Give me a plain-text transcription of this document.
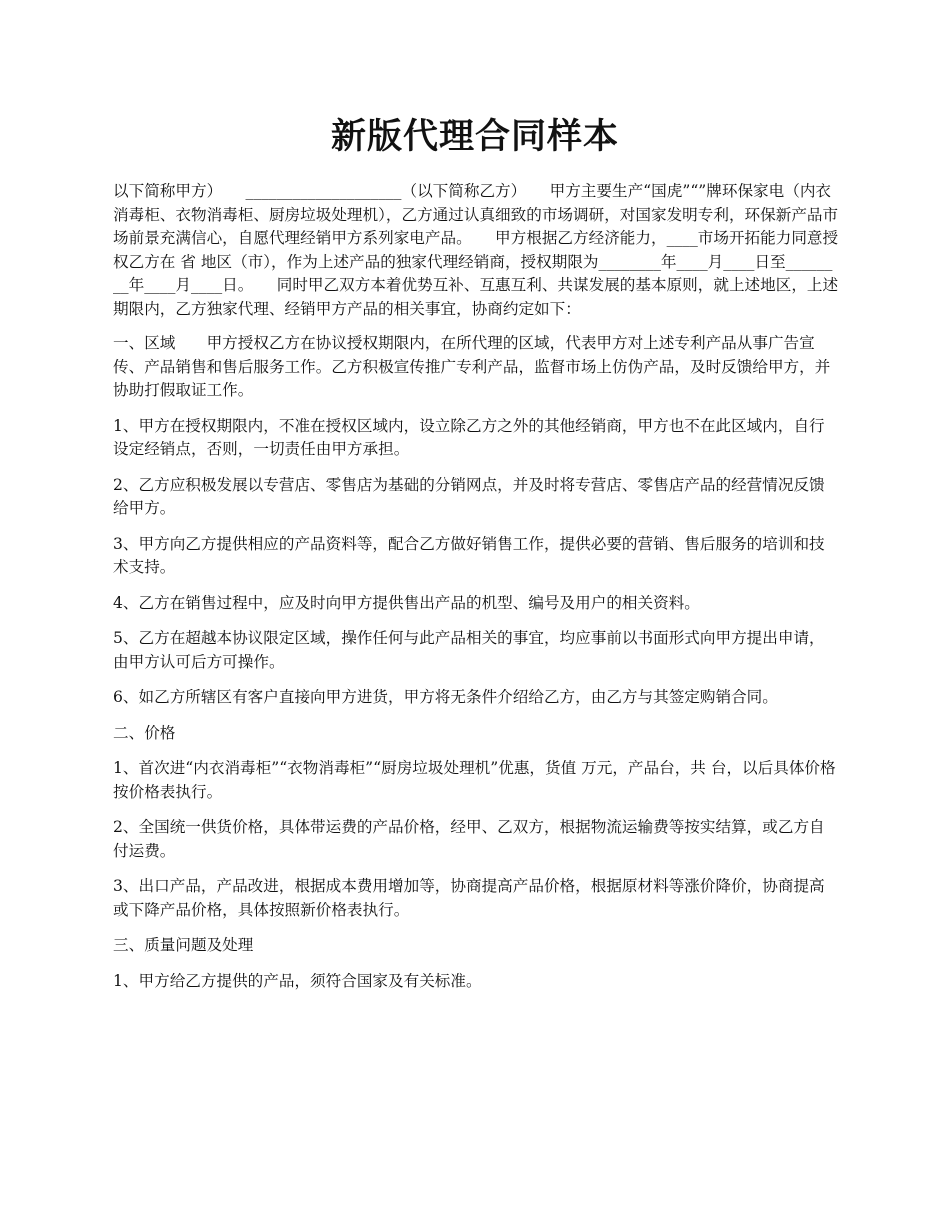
新版代理合同样本

以下简称甲方）　　____________________（以下简称乙方）　　甲方主要生产“国虎”“”牌环保家电（内衣消毒柜、衣物消毒柜、厨房垃圾处理机），乙方通过认真细致的市场调研，对国家发明专利，环保新产品市场前景充满信心，自愿代理经销甲方系列家电产品。　　甲方根据乙方经济能力，____市场开拓能力同意授权乙方在 省 地区（市），作为上述产品的独家代理经销商，授权期限为________年____月____日至________年____月____日。　　同时甲乙双方本着优势互补、互惠互利、共谋发展的基本原则，就上述地区，上述期限内，乙方独家代理、经销甲方产品的相关事宜，协商约定如下：

一、区域　　甲方授权乙方在协议授权期限内，在所代理的区域，代表甲方对上述专利产品从事广告宣传、产品销售和售后服务工作。乙方积极宣传推广专利产品，监督市场上仿伪产品，及时反馈给甲方，并协助打假取证工作。

1、甲方在授权期限内，不准在授权区域内，设立除乙方之外的其他经销商，甲方也不在此区域内，自行设定经销点，否则，一切责任由甲方承担。

2、乙方应积极发展以专营店、零售店为基础的分销网点，并及时将专营店、零售店产品的经营情况反馈给甲方。

3、甲方向乙方提供相应的产品资料等，配合乙方做好销售工作，提供必要的营销、售后服务的培训和技术支持。

4、乙方在销售过程中，应及时向甲方提供售出产品的机型、编号及用户的相关资料。

5、乙方在超越本协议限定区域，操作任何与此产品相关的事宜，均应事前以书面形式向甲方提出申请，由甲方认可后方可操作。

6、如乙方所辖区有客户直接向甲方进货，甲方将无条件介绍给乙方，由乙方与其签定购销合同。

二、价格

1、首次进“内衣消毒柜”“衣物消毒柜”“厨房垃圾处理机”优惠，货值 万元，产品台，共 台，以后具体价格按价格表执行。

2、全国统一供货价格，具体带运费的产品价格，经甲、乙双方，根据物流运输费等按实结算，或乙方自付运费。

3、出口产品，产品改进，根据成本费用增加等，协商提高产品价格，根据原材料等涨价降价，协商提高或下降产品价格，具体按照新价格表执行。

三、质量问题及处理

1、甲方给乙方提供的产品，须符合国家及有关标准。
